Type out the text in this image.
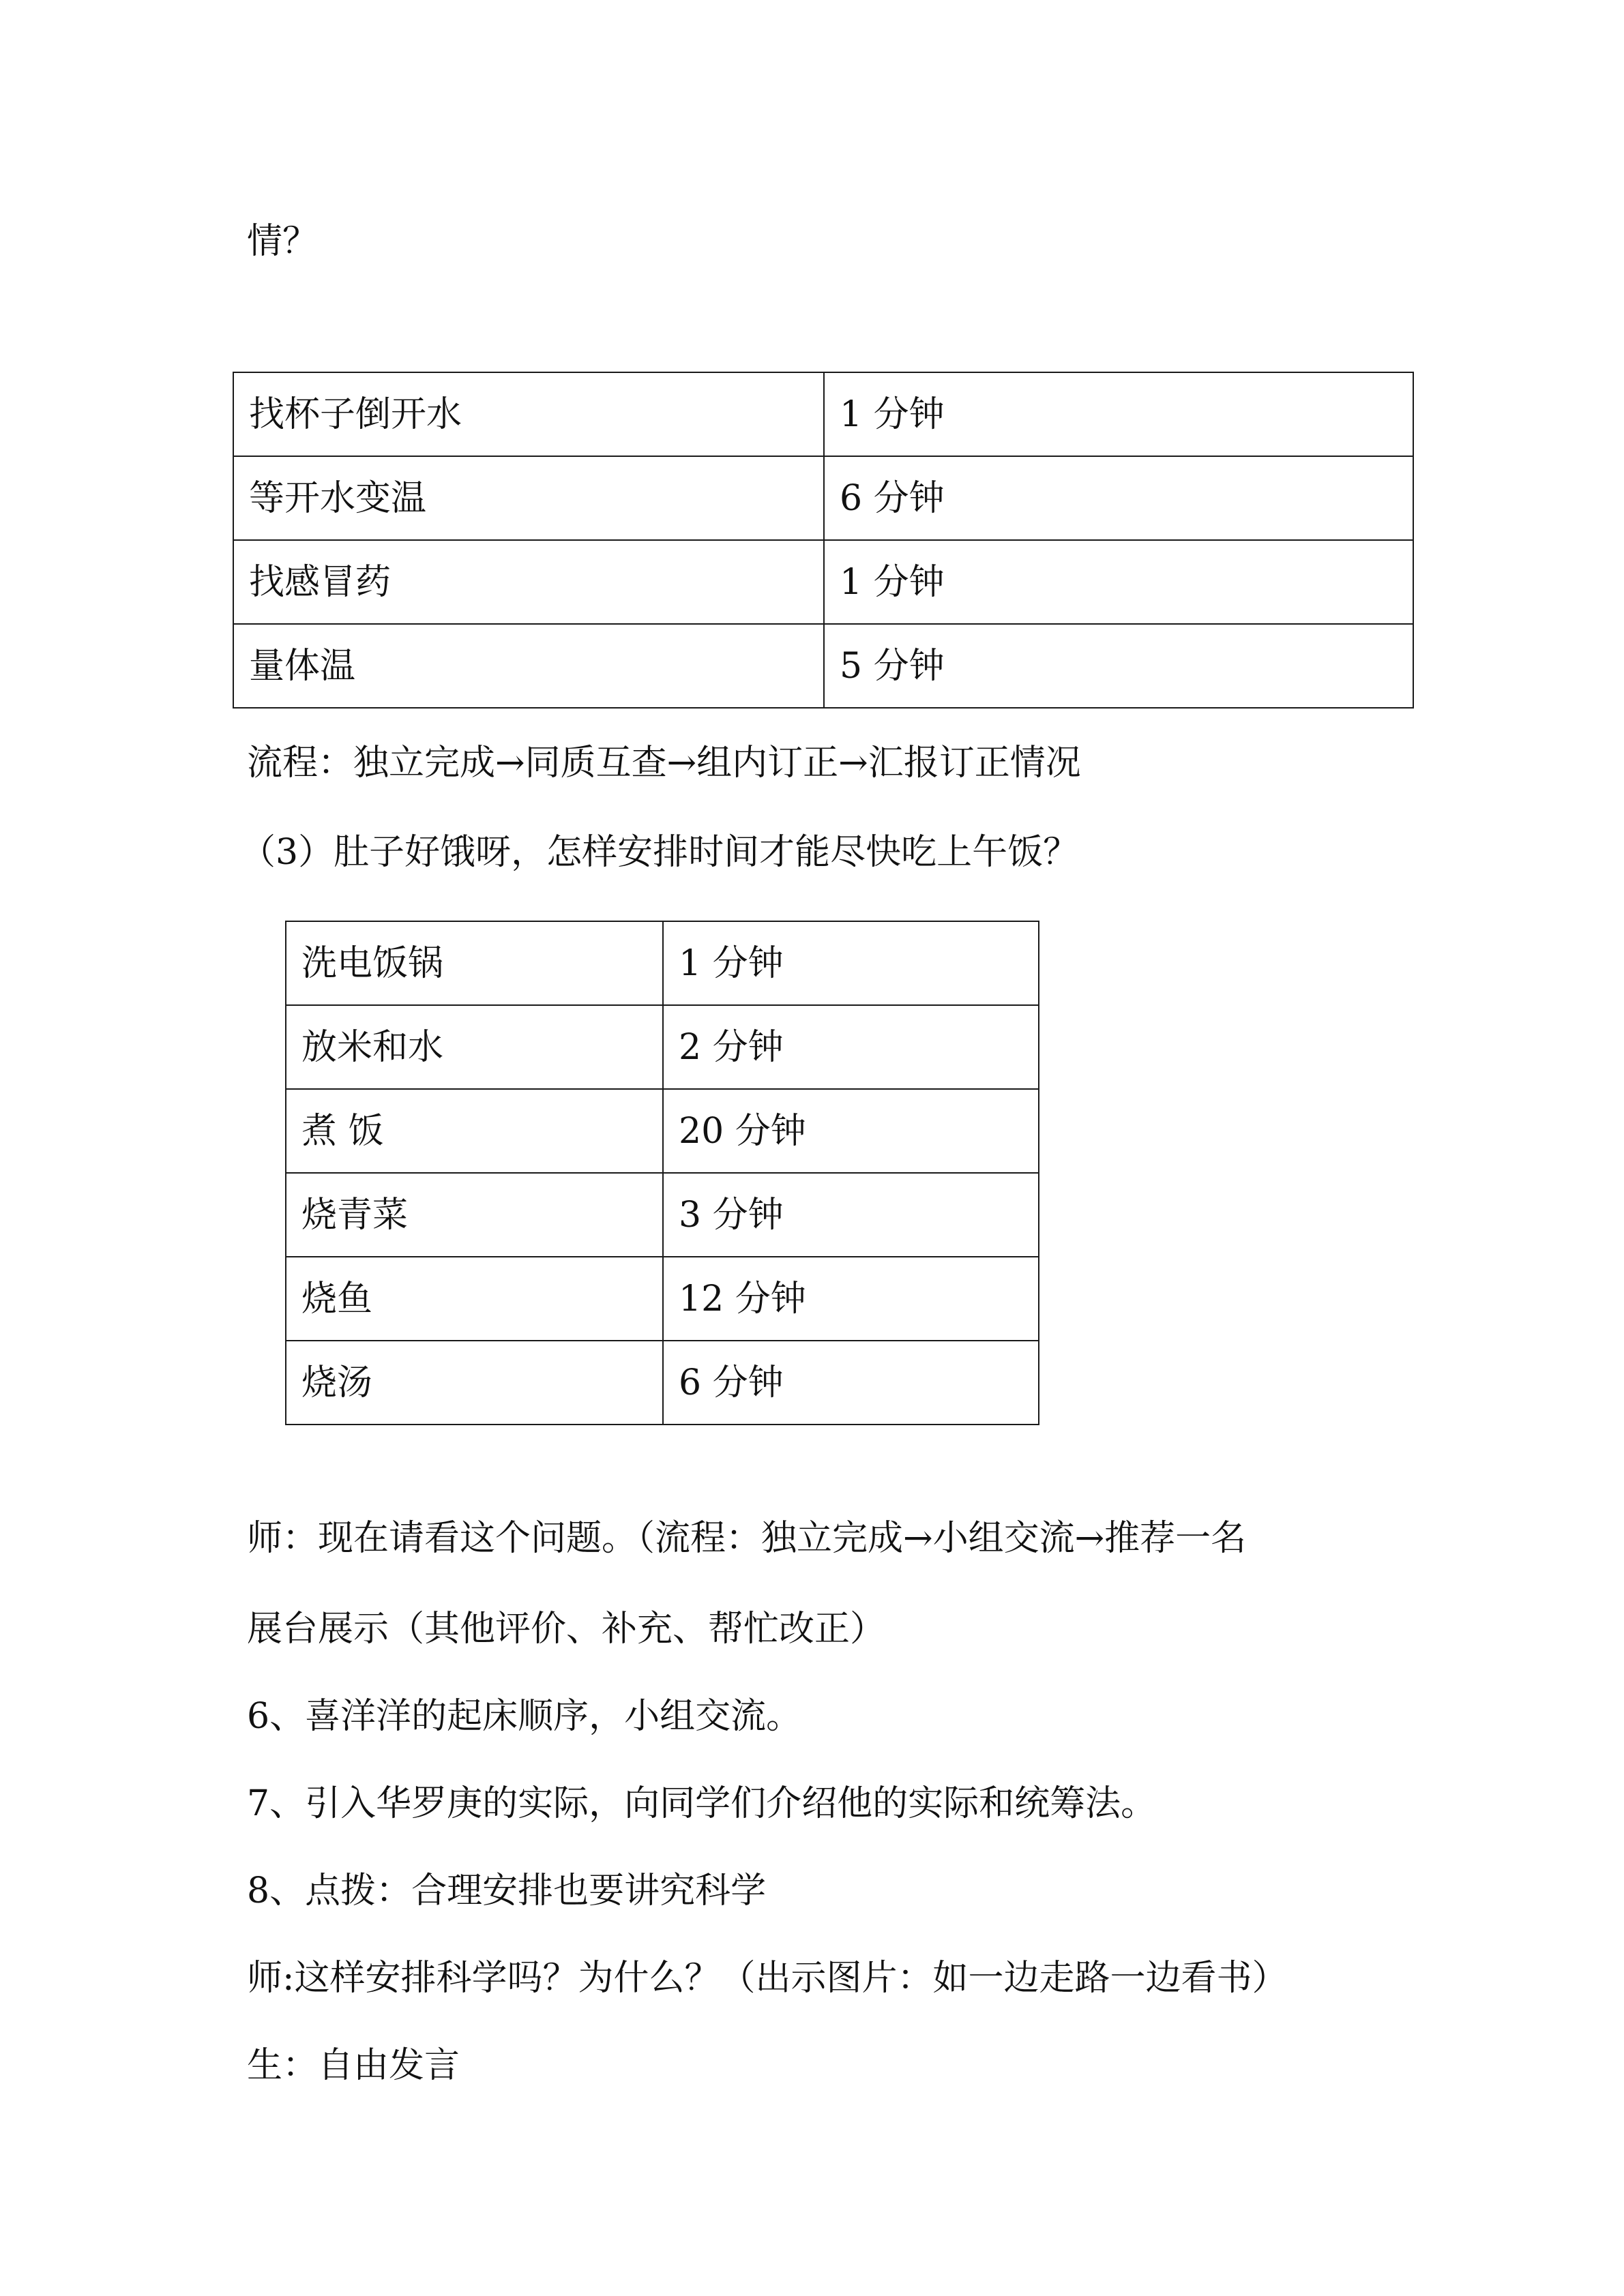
情？

找杯子倒开水	1 分钟
等开水变温	6 分钟
找感冒药	1 分钟
量体温	5 分钟

流程：独立完成→同质互查→组内订正→汇报订正情况

（3）肚子好饿呀，怎样安排时间才能尽快吃上午饭？

洗电饭锅	1 分钟
放米和水	2 分钟
煮 饭	20 分钟
烧青菜	3 分钟
烧鱼	12 分钟
烧汤	6 分钟

师：现在请看这个问题。（流程：独立完成→小组交流→推荐一名

展台展示（其他评价、补充、帮忙改正）

6、喜洋洋的起床顺序，小组交流。

7、引入华罗庚的实际，向同学们介绍他的实际和统筹法。

8、点拨：合理安排也要讲究科学

师:这样安排科学吗？为什么？（出示图片：如一边走路一边看书）

生：自由发言
